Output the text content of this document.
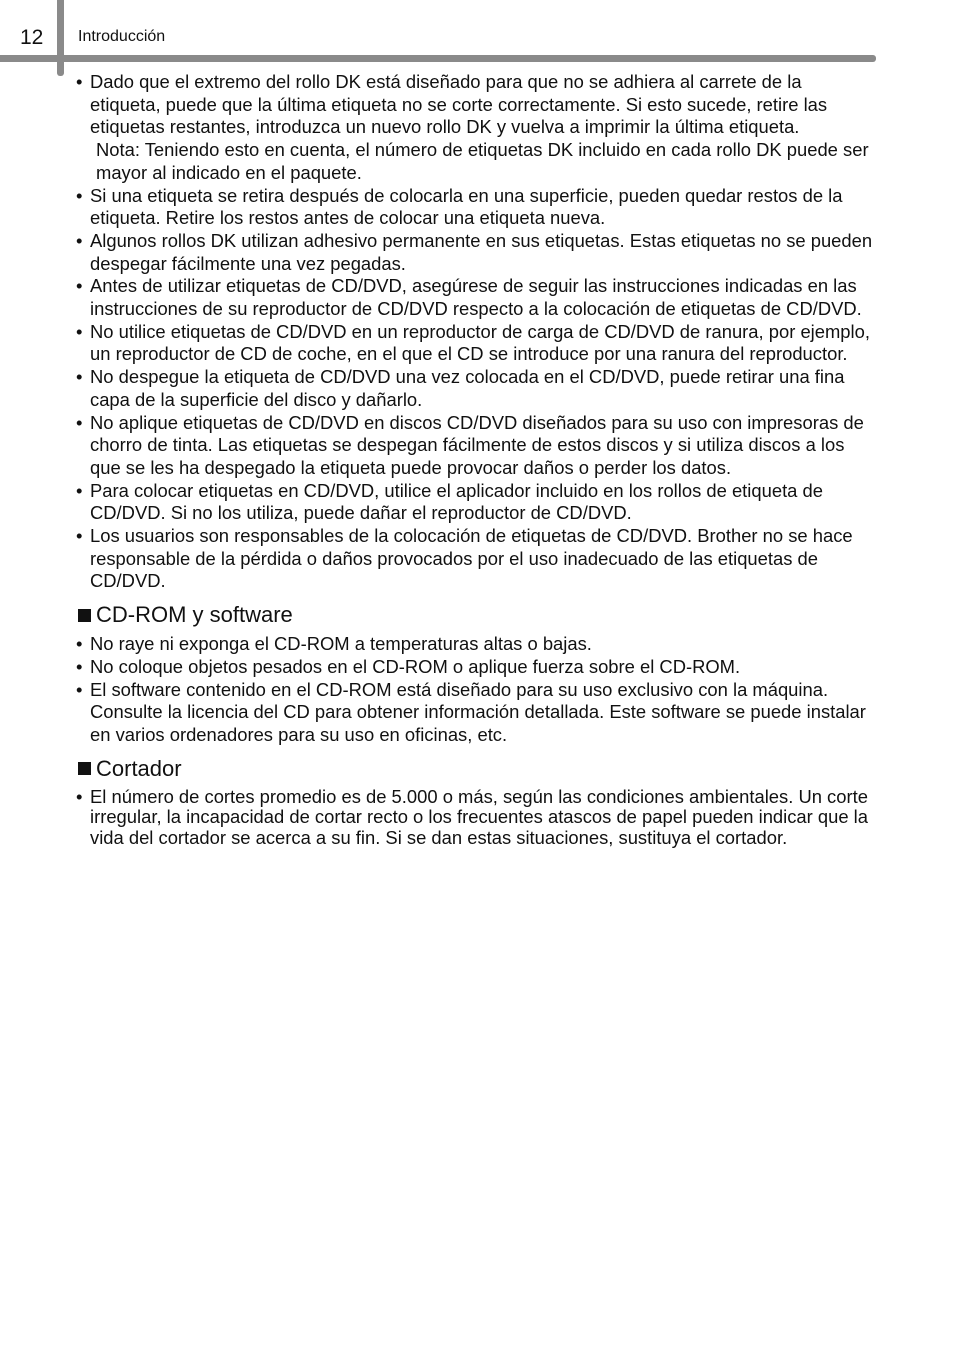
12 Introducción
• Dado que el extremo del rollo DK está diseñado para que no se adhiera al carrete de la etiqueta, puede que la última etiqueta no se corte correctamente. Si esto sucede, retire las etiquetas restantes, introduzca un nuevo rollo DK y vuelva a imprimir la última etiqueta.
Nota: Teniendo esto en cuenta, el número de etiquetas DK incluido en cada rollo DK puede ser mayor al indicado en el paquete.
• Si una etiqueta se retira después de colocarla en una superficie, pueden quedar restos de la etiqueta. Retire los restos antes de colocar una etiqueta nueva.
• Algunos rollos DK utilizan adhesivo permanente en sus etiquetas. Estas etiquetas no se pueden despegar fácilmente una vez pegadas.
• Antes de utilizar etiquetas de CD/DVD, asegúrese de seguir las instrucciones indicadas en las instrucciones de su reproductor de CD/DVD respecto a la colocación de etiquetas de CD/DVD.
• No utilice etiquetas de CD/DVD en un reproductor de carga de CD/DVD de ranura, por ejemplo, un reproductor de CD de coche, en el que el CD se introduce por una ranura del reproductor.
• No despegue la etiqueta de CD/DVD una vez colocada en el CD/DVD, puede retirar una fina capa de la superficie del disco y dañarlo.
• No aplique etiquetas de CD/DVD en discos CD/DVD diseñados para su uso con impresoras de chorro de tinta. Las etiquetas se despegan fácilmente de estos discos y si utiliza discos a los que se les ha despegado la etiqueta puede provocar daños o perder los datos.
• Para colocar etiquetas en CD/DVD, utilice el aplicador incluido en los rollos de etiqueta de CD/DVD. Si no los utiliza, puede dañar el reproductor de CD/DVD.
• Los usuarios son responsables de la colocación de etiquetas de CD/DVD. Brother no se hace responsable de la pérdida o daños provocados por el uso inadecuado de las etiquetas de CD/DVD.
CD-ROM y software
• No raye ni exponga el CD-ROM a temperaturas altas o bajas.
• No coloque objetos pesados en el CD-ROM o aplique fuerza sobre el CD-ROM.
• El software contenido en el CD-ROM está diseñado para su uso exclusivo con la máquina. Consulte la licencia del CD para obtener información detallada. Este software se puede instalar en varios ordenadores para su uso en oficinas, etc.
Cortador
• El número de cortes promedio es de 5.000 o más, según las condiciones ambientales. Un corte irregular, la incapacidad de cortar recto o los frecuentes atascos de papel pueden indicar que la vida del cortador se acerca a su fin. Si se dan estas situaciones, sustituya el cortador.
